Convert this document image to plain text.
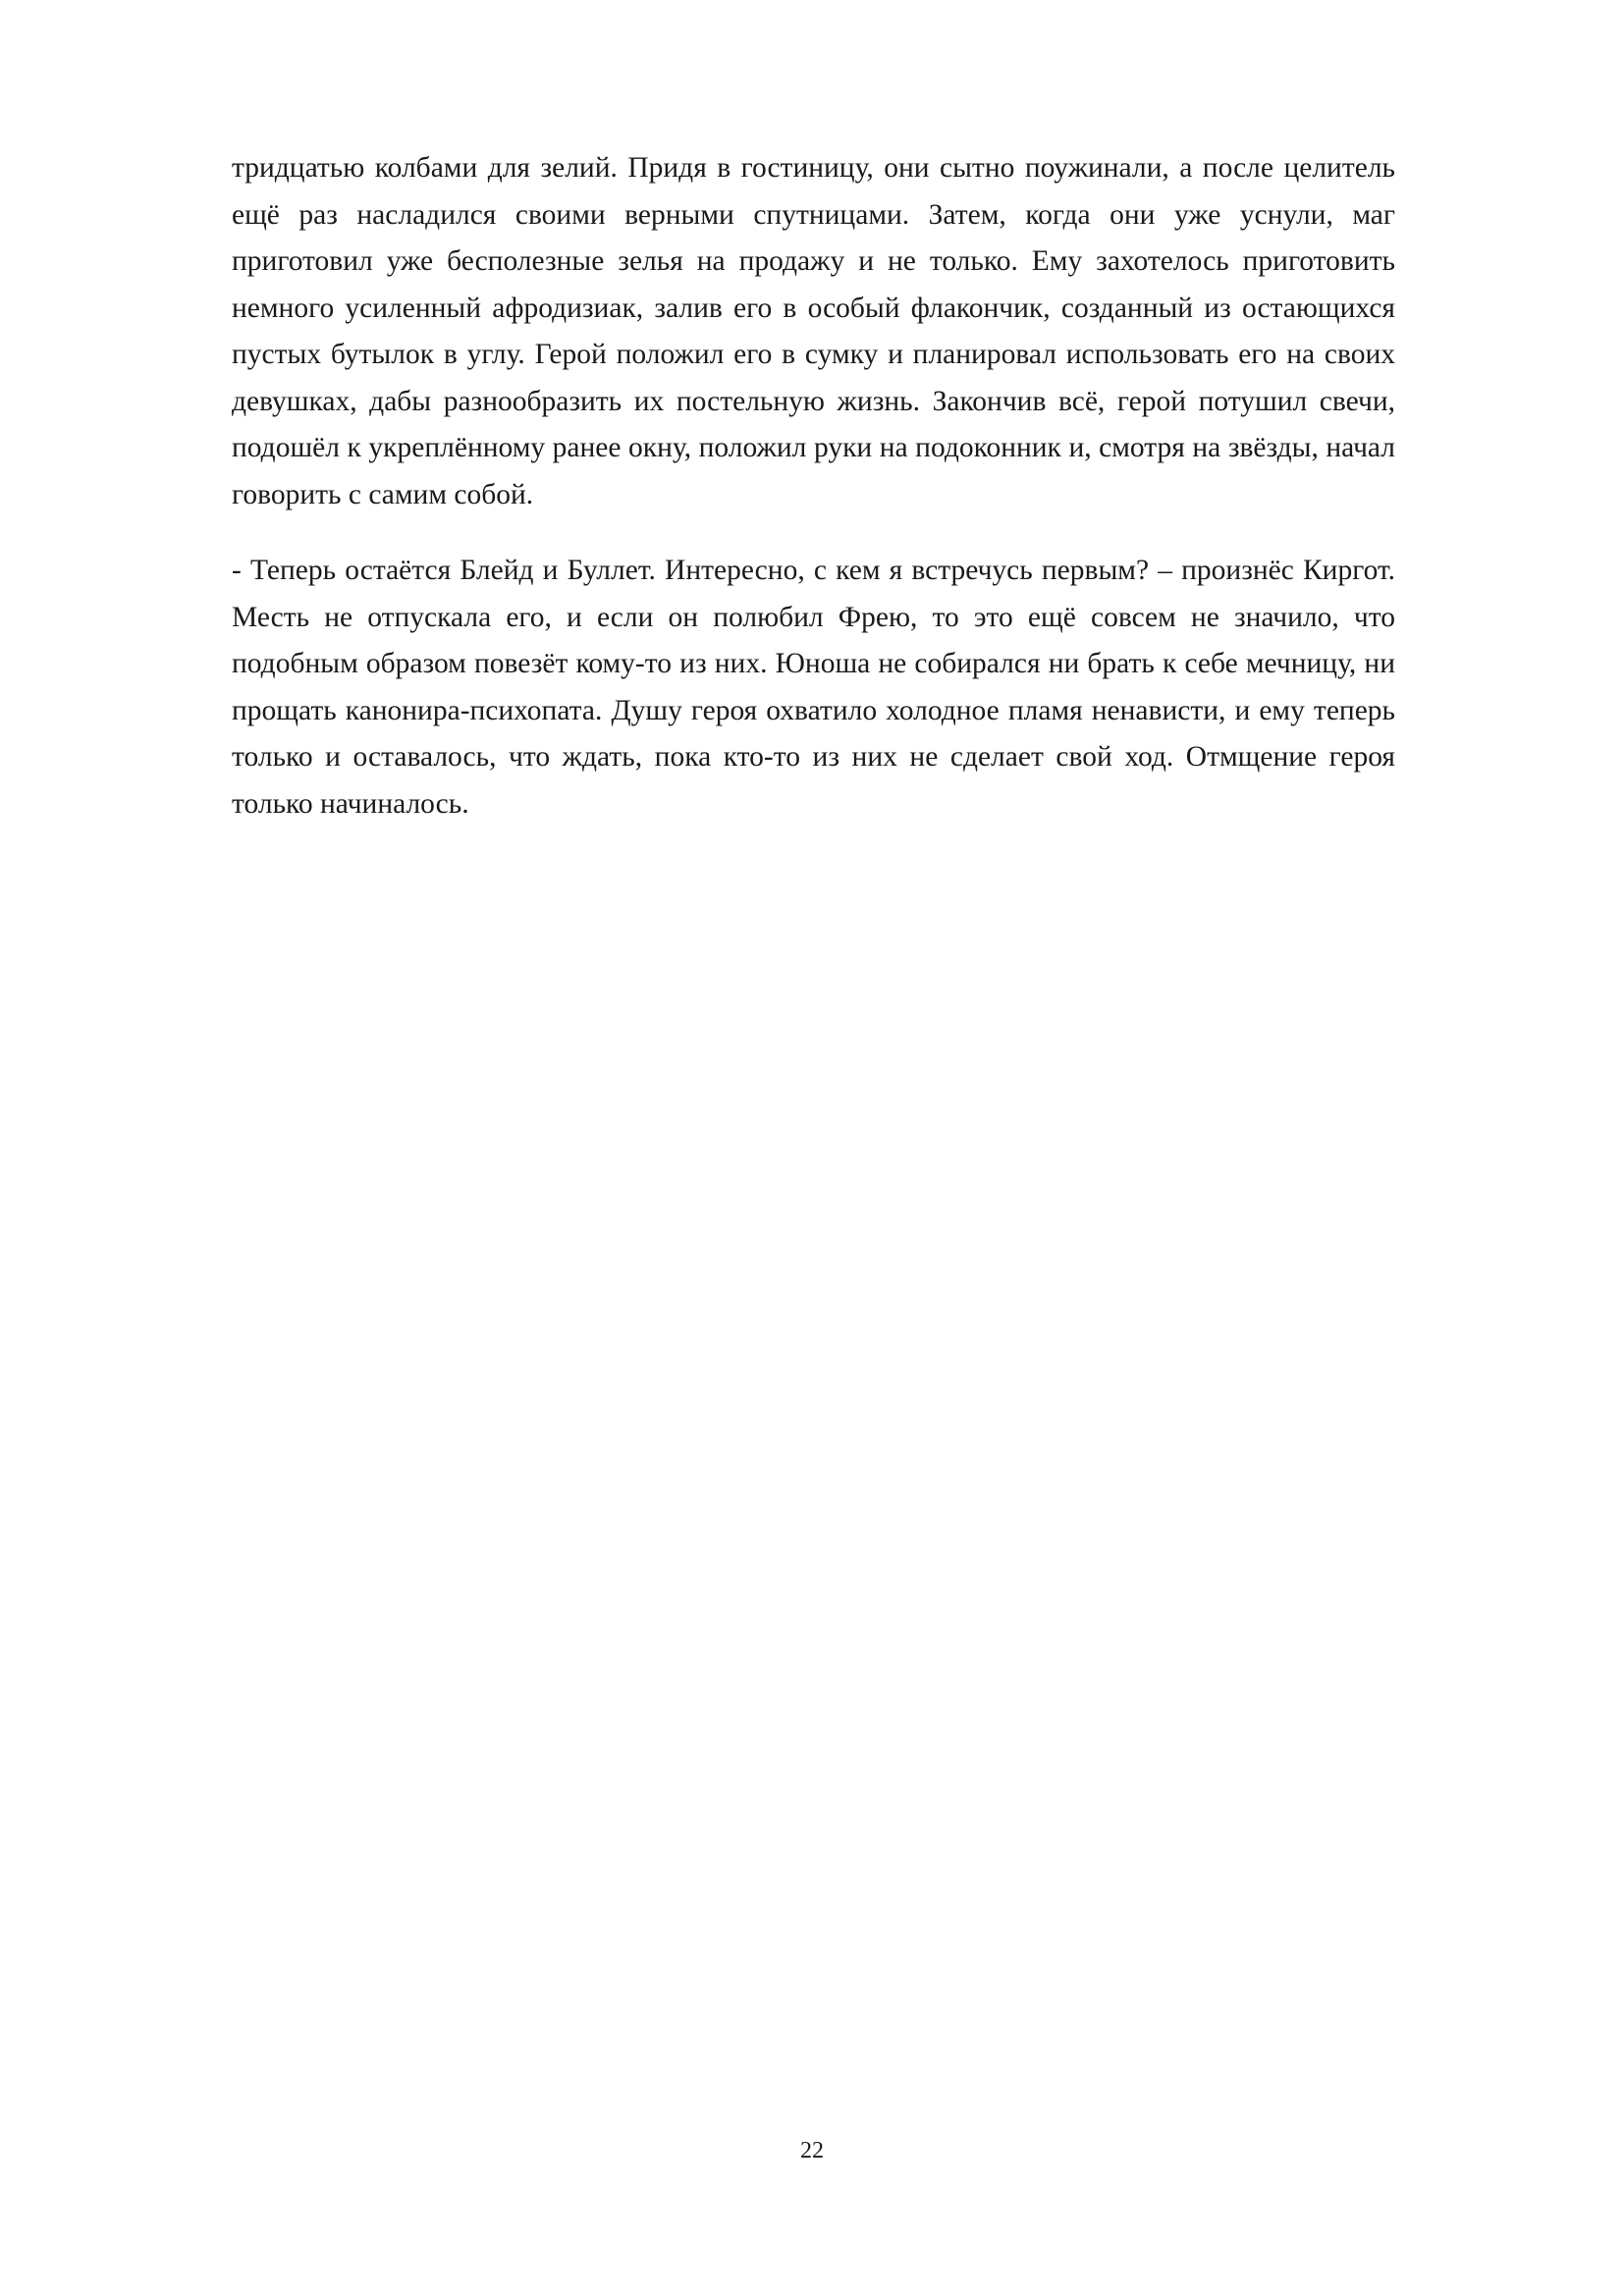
тридцатью колбами для зелий. Придя в гостиницу, они сытно поужинали, а после целитель ещё раз насладился своими верными спутницами. Затем, когда они уже уснули, маг приготовил уже бесполезные зелья на продажу и не только. Ему захотелось приготовить немного усиленный афродизиак, залив его в особый флакончик, созданный из остающихся пустых бутылок в углу. Герой положил его в сумку и планировал использовать его на своих девушках, дабы разнообразить их постельную жизнь. Закончив всё, герой потушил свечи, подошёл к укреплённому ранее окну, положил руки на подоконник и, смотря на звёзды, начал говорить с самим собой.

- Теперь остаётся Блейд и Буллет. Интересно, с кем я встречусь первым? – произнёс Киргот. Месть не отпускала его, и если он полюбил Фрею, то это ещё совсем не значило, что подобным образом повезёт кому-то из них. Юноша не собирался ни брать к себе мечницу, ни прощать канонира-психопата. Душу героя охватило холодное пламя ненависти, и ему теперь только и оставалось, что ждать, пока кто-то из них не сделает свой ход. Отмщение героя только начиналось.

22
